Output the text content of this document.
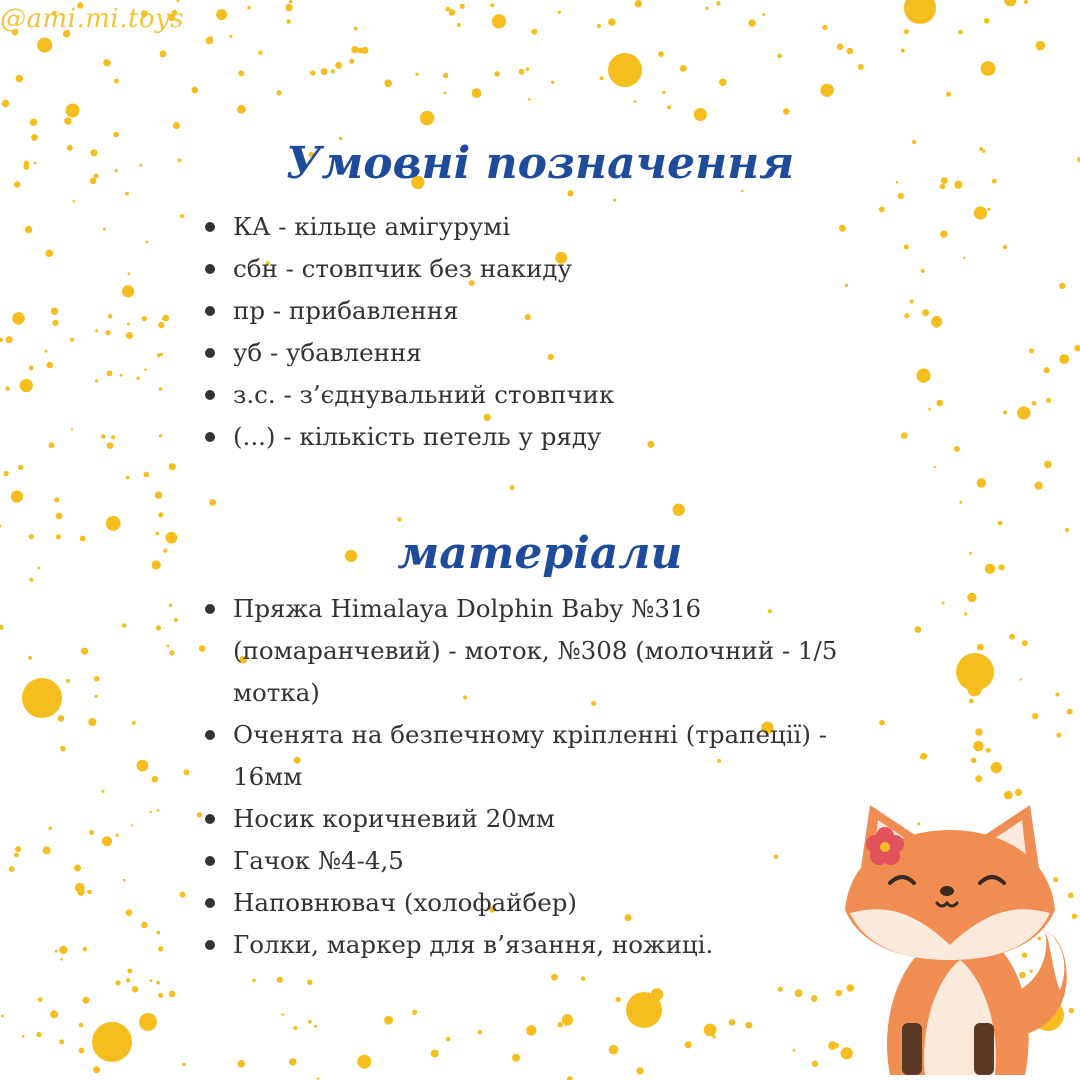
@ami.mi.toys
Умовні позначення
КА - кільце амігурумі
сбн - стовпчик без накиду
пр - прибавлення
уб - убавлення
з.с. - з’єднувальний стовпчик
(...) - кількість петель у ряду
матеріали
Пряжа Himalaya Dolphin Baby №316 (помаранчевий) - моток, №308 (молочний - 1/5 мотка)
Оченята на безпечному кріпленні (трапеції) - 16мм
Носик коричневий 20мм
Гачок №4-4,5
Наповнювач (холофайбер)
Голки, маркер для в’язання, ножиці.
